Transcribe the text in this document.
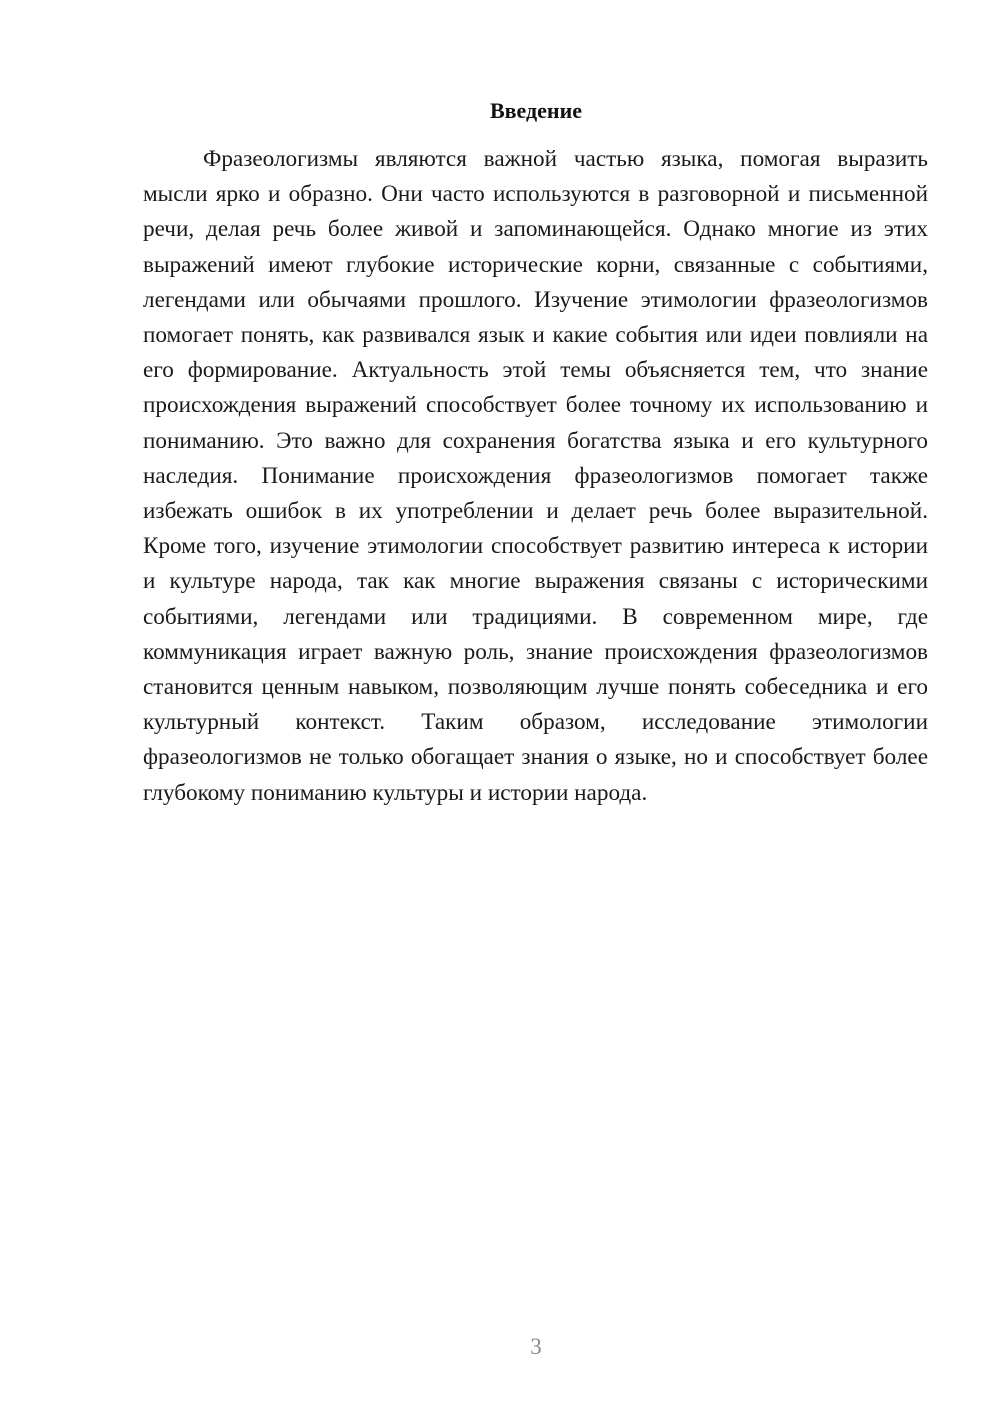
Введение

Фразеологизмы являются важной частью языка, помогая выразить мысли ярко и образно. Они часто используются в разговорной и письменной речи, делая речь более живой и запоминающейся. Однако многие из этих выражений имеют глубокие исторические корни, связанные с событиями, легендами или обычаями прошлого. Изучение этимологии фразеологизмов помогает понять, как развивался язык и какие события или идеи повлияли на его формирование. Актуальность этой темы объясняется тем, что знание происхождения выражений способствует более точному их использованию и пониманию. Это важно для сохранения богатства языка и его культурного наследия. Понимание происхождения фразеологизмов помогает также избежать ошибок в их употреблении и делает речь более выразительной. Кроме того, изучение этимологии способствует развитию интереса к истории и культуре народа, так как многие выражения связаны с историческими событиями, легендами или традициями. В современном мире, где коммуникация играет важную роль, знание происхождения фразеологизмов становится ценным навыком, позволяющим лучше понять собеседника и его культурный контекст. Таким образом, исследование этимологии фразеологизмов не только обогащает знания о языке, но и способствует более глубокому пониманию культуры и истории народа.

3
